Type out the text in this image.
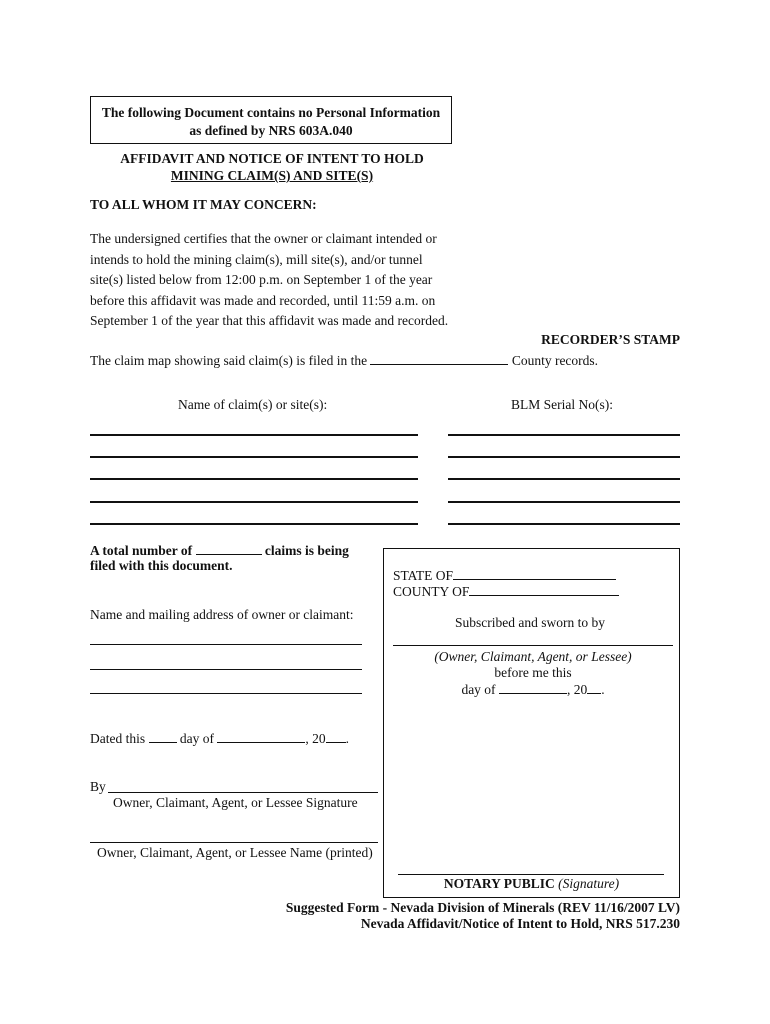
The following Document contains no Personal Information
as defined by NRS 603A.040
AFFIDAVIT AND NOTICE OF INTENT TO HOLD
MINING CLAIM(S) AND SITE(S)
TO ALL WHOM IT MAY CONCERN:
The undersigned certifies that the owner or claimant intended or
intends to hold the mining claim(s), mill site(s), and/or tunnel
site(s) listed below from 12:00 p.m. on September 1 of the year
before this affidavit was made and recorded, until 11:59 a.m. on
September 1 of the year that this affidavit was made and recorded.
RECORDER’S STAMP
The claim map showing said claim(s) is filed in the	County records.
Name of claim(s) or site(s):	BLM Serial No(s):
A total number of	claims is being
filed with this document.
Name and mailing address of owner or claimant:
Dated this	day of	, 20 .
By
Owner, Claimant, Agent, or Lessee Signature
Owner, Claimant, Agent, or Lessee Name (printed)
STATE OF
COUNTY OF
Subscribed and sworn to by
(Owner, Claimant, Agent, or Lessee)
before me this
day of	, 20 .
NOTARY PUBLIC (Signature)
Suggested Form - Nevada Division of Minerals (REV 11/16/2007 LV)
Nevada Affidavit/Notice of Intent to Hold, NRS 517.230
